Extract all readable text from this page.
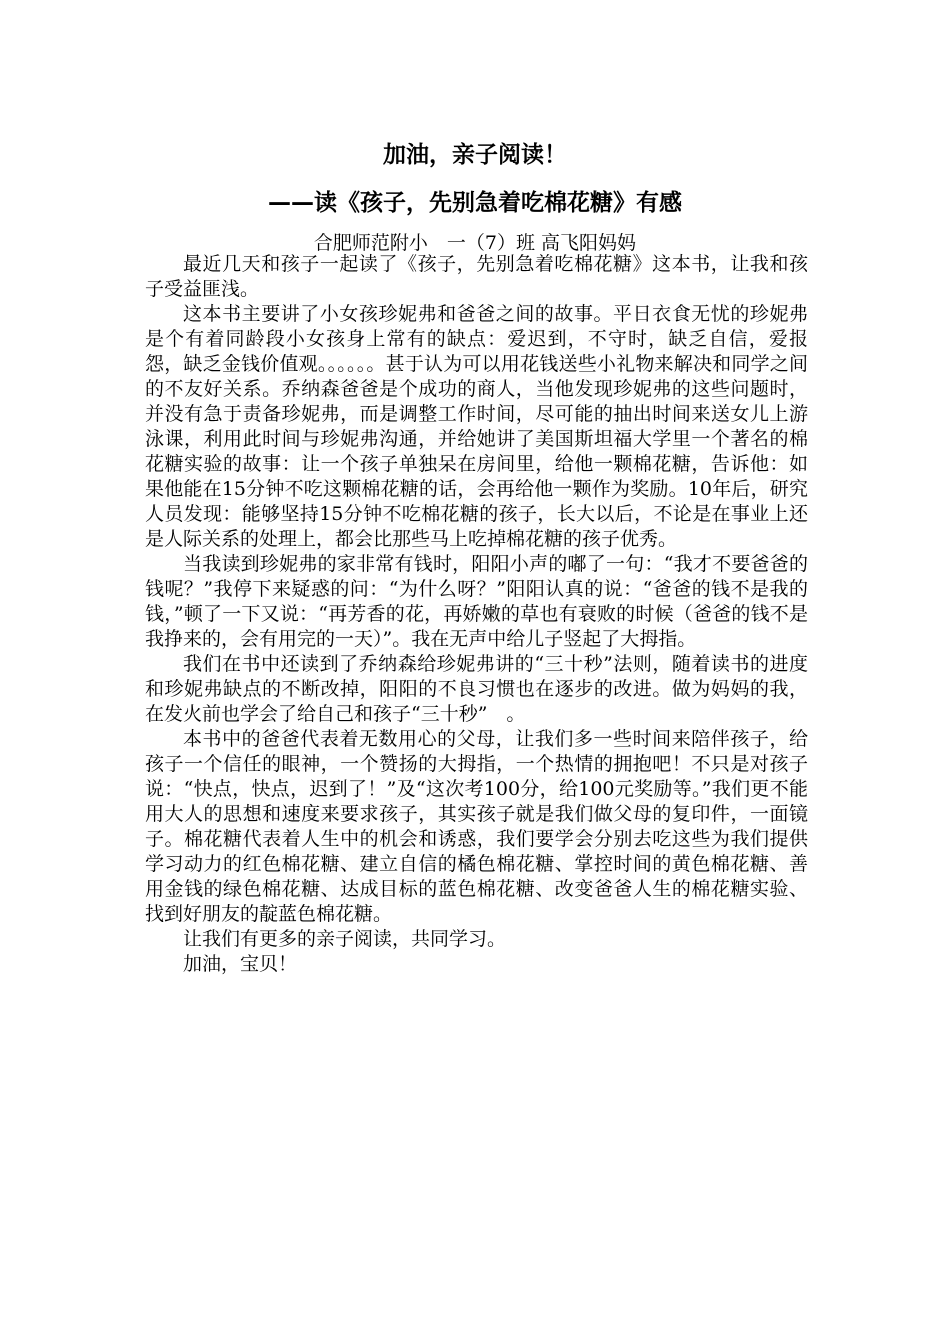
加油，亲子阅读！
——读《孩子，先别急着吃棉花糖》有感
合肥师范附小　一（7）班 高飞阳妈妈

最近几天和孩子一起读了《孩子，先别急着吃棉花糖》这本书，让我和孩子受益匪浅。

这本书主要讲了小女孩珍妮弗和爸爸之间的故事。平日衣食无忧的珍妮弗是个有着同龄段小女孩身上常有的缺点：爱迟到，不守时，缺乏自信，爱报怨，缺乏金钱价值观。。。。。。甚于认为可以用花钱送些小礼物来解决和同学之间的不友好关系。乔纳森爸爸是个成功的商人，当他发现珍妮弗的这些问题时，并没有急于责备珍妮弗，而是调整工作时间，尽可能的抽出时间来送女儿上游泳课，利用此时间与珍妮弗沟通，并给她讲了美国斯坦福大学里一个著名的棉花糖实验的故事：让一个孩子单独呆在房间里，给他一颗棉花糖，告诉他：如果他能在15分钟不吃这颗棉花糖的话，会再给他一颗作为奖励。10年后，研究人员发现：能够坚持15分钟不吃棉花糖的孩子，长大以后，不论是在事业上还是人际关系的处理上，都会比那些马上吃掉棉花糖的孩子优秀。

当我读到珍妮弗的家非常有钱时，阳阳小声的嘟了一句：“我才不要爸爸的钱呢？”我停下来疑惑的问：“为什么呀？”阳阳认真的说：“爸爸的钱不是我的钱，”顿了一下又说：“再芳香的花，再娇嫩的草也有衰败的时候（爸爸的钱不是我挣来的，会有用完的一天）”。我在无声中给儿子竖起了大拇指。

我们在书中还读到了乔纳森给珍妮弗讲的“三十秒”法则，随着读书的进度和珍妮弗缺点的不断改掉，阳阳的不良习惯也在逐步的改进。做为妈妈的我，在发火前也学会了给自己和孩子“三十秒”　。

本书中的爸爸代表着无数用心的父母，让我们多一些时间来陪伴孩子，给孩子一个信任的眼神，一个赞扬的大拇指，一个热情的拥抱吧！不只是对孩子说：“快点，快点，迟到了！”及“这次考100分，给100元奖励等。”我们更不能用大人的思想和速度来要求孩子，其实孩子就是我们做父母的复印件，一面镜子。棉花糖代表着人生中的机会和诱惑，我们要学会分别去吃这些为我们提供学习动力的红色棉花糖、建立自信的橘色棉花糖、掌控时间的黄色棉花糖、善用金钱的绿色棉花糖、达成目标的蓝色棉花糖、改变爸爸人生的棉花糖实验、找到好朋友的靛蓝色棉花糖。

让我们有更多的亲子阅读，共同学习。

加油，宝贝！
